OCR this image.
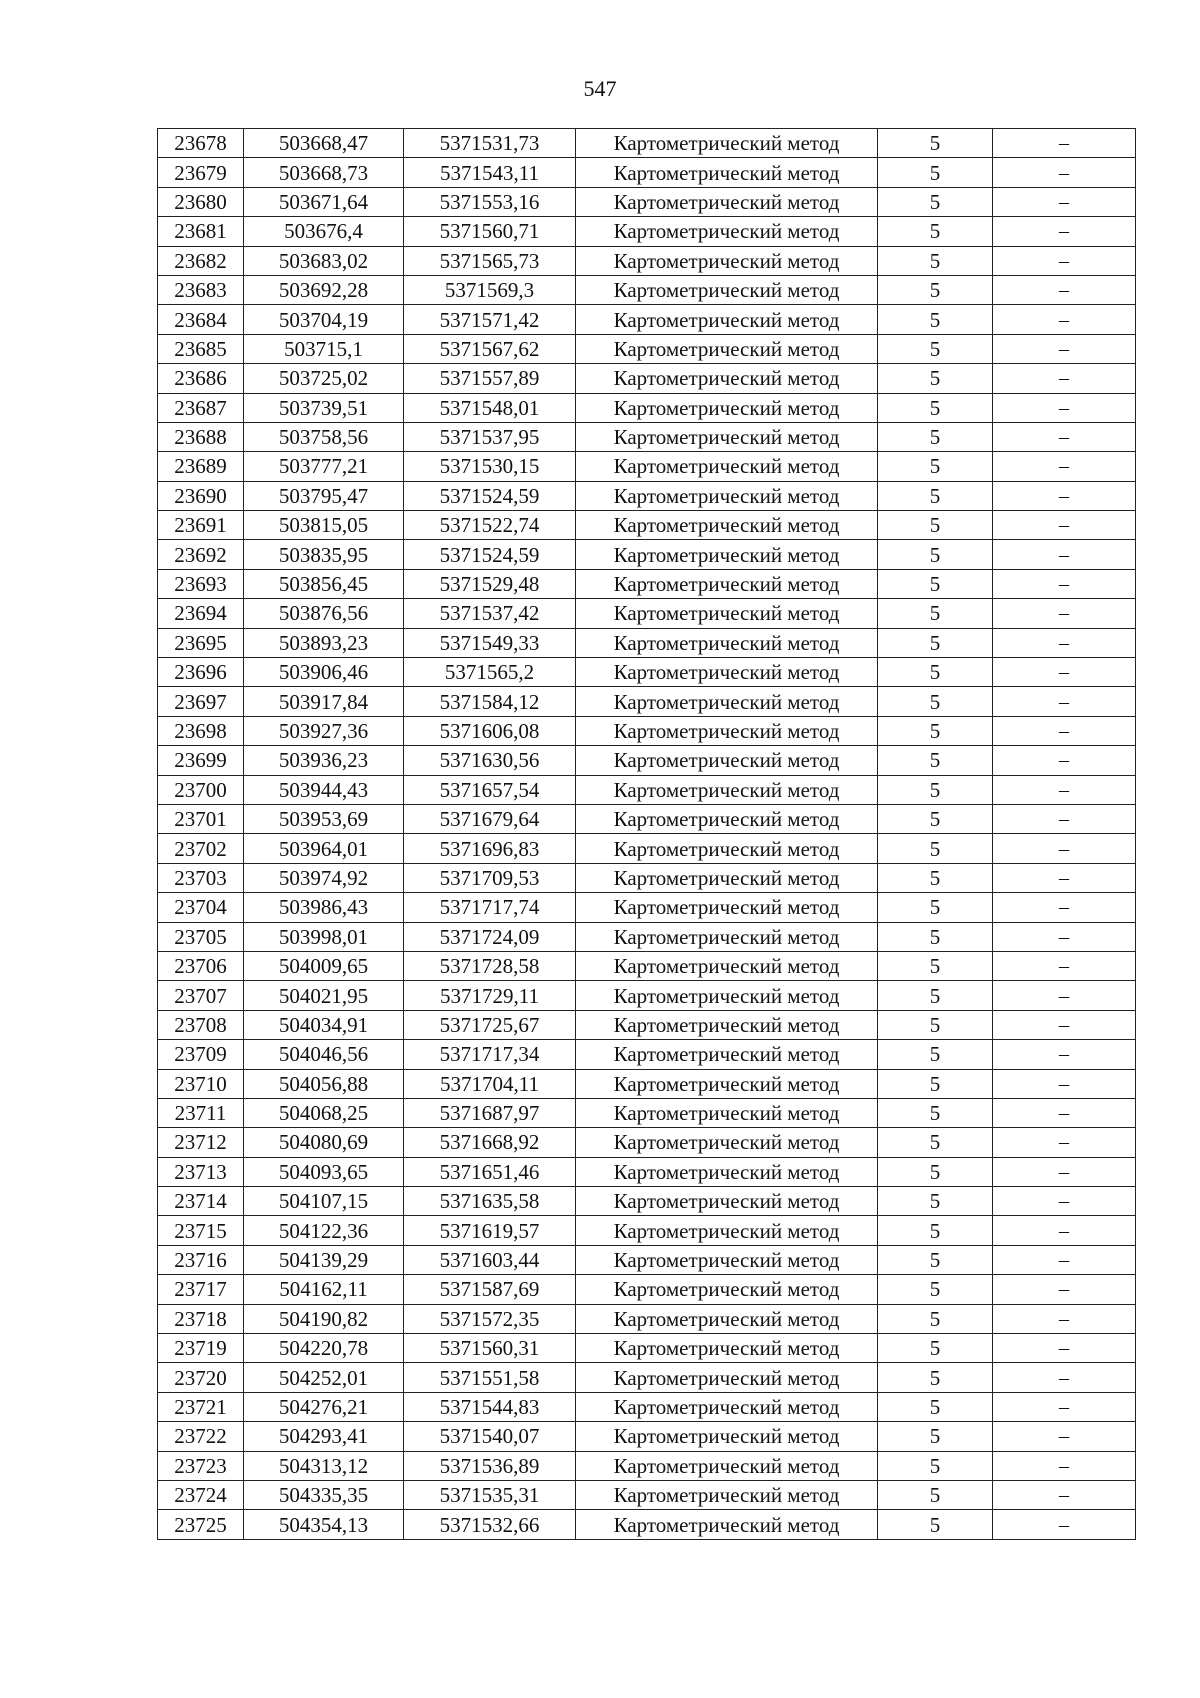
547
23678	503668,47	5371531,73	Картометрический метод	5	–
23679	503668,73	5371543,11	Картометрический метод	5	–
23680	503671,64	5371553,16	Картометрический метод	5	–
23681	503676,4	5371560,71	Картометрический метод	5	–
23682	503683,02	5371565,73	Картометрический метод	5	–
23683	503692,28	5371569,3	Картометрический метод	5	–
23684	503704,19	5371571,42	Картометрический метод	5	–
23685	503715,1	5371567,62	Картометрический метод	5	–
23686	503725,02	5371557,89	Картометрический метод	5	–
23687	503739,51	5371548,01	Картометрический метод	5	–
23688	503758,56	5371537,95	Картометрический метод	5	–
23689	503777,21	5371530,15	Картометрический метод	5	–
23690	503795,47	5371524,59	Картометрический метод	5	–
23691	503815,05	5371522,74	Картометрический метод	5	–
23692	503835,95	5371524,59	Картометрический метод	5	–
23693	503856,45	5371529,48	Картометрический метод	5	–
23694	503876,56	5371537,42	Картометрический метод	5	–
23695	503893,23	5371549,33	Картометрический метод	5	–
23696	503906,46	5371565,2	Картометрический метод	5	–
23697	503917,84	5371584,12	Картометрический метод	5	–
23698	503927,36	5371606,08	Картометрический метод	5	–
23699	503936,23	5371630,56	Картометрический метод	5	–
23700	503944,43	5371657,54	Картометрический метод	5	–
23701	503953,69	5371679,64	Картометрический метод	5	–
23702	503964,01	5371696,83	Картометрический метод	5	–
23703	503974,92	5371709,53	Картометрический метод	5	–
23704	503986,43	5371717,74	Картометрический метод	5	–
23705	503998,01	5371724,09	Картометрический метод	5	–
23706	504009,65	5371728,58	Картометрический метод	5	–
23707	504021,95	5371729,11	Картометрический метод	5	–
23708	504034,91	5371725,67	Картометрический метод	5	–
23709	504046,56	5371717,34	Картометрический метод	5	–
23710	504056,88	5371704,11	Картометрический метод	5	–
23711	504068,25	5371687,97	Картометрический метод	5	–
23712	504080,69	5371668,92	Картометрический метод	5	–
23713	504093,65	5371651,46	Картометрический метод	5	–
23714	504107,15	5371635,58	Картометрический метод	5	–
23715	504122,36	5371619,57	Картометрический метод	5	–
23716	504139,29	5371603,44	Картометрический метод	5	–
23717	504162,11	5371587,69	Картометрический метод	5	–
23718	504190,82	5371572,35	Картометрический метод	5	–
23719	504220,78	5371560,31	Картометрический метод	5	–
23720	504252,01	5371551,58	Картометрический метод	5	–
23721	504276,21	5371544,83	Картометрический метод	5	–
23722	504293,41	5371540,07	Картометрический метод	5	–
23723	504313,12	5371536,89	Картометрический метод	5	–
23724	504335,35	5371535,31	Картометрический метод	5	–
23725	504354,13	5371532,66	Картометрический метод	5	–
